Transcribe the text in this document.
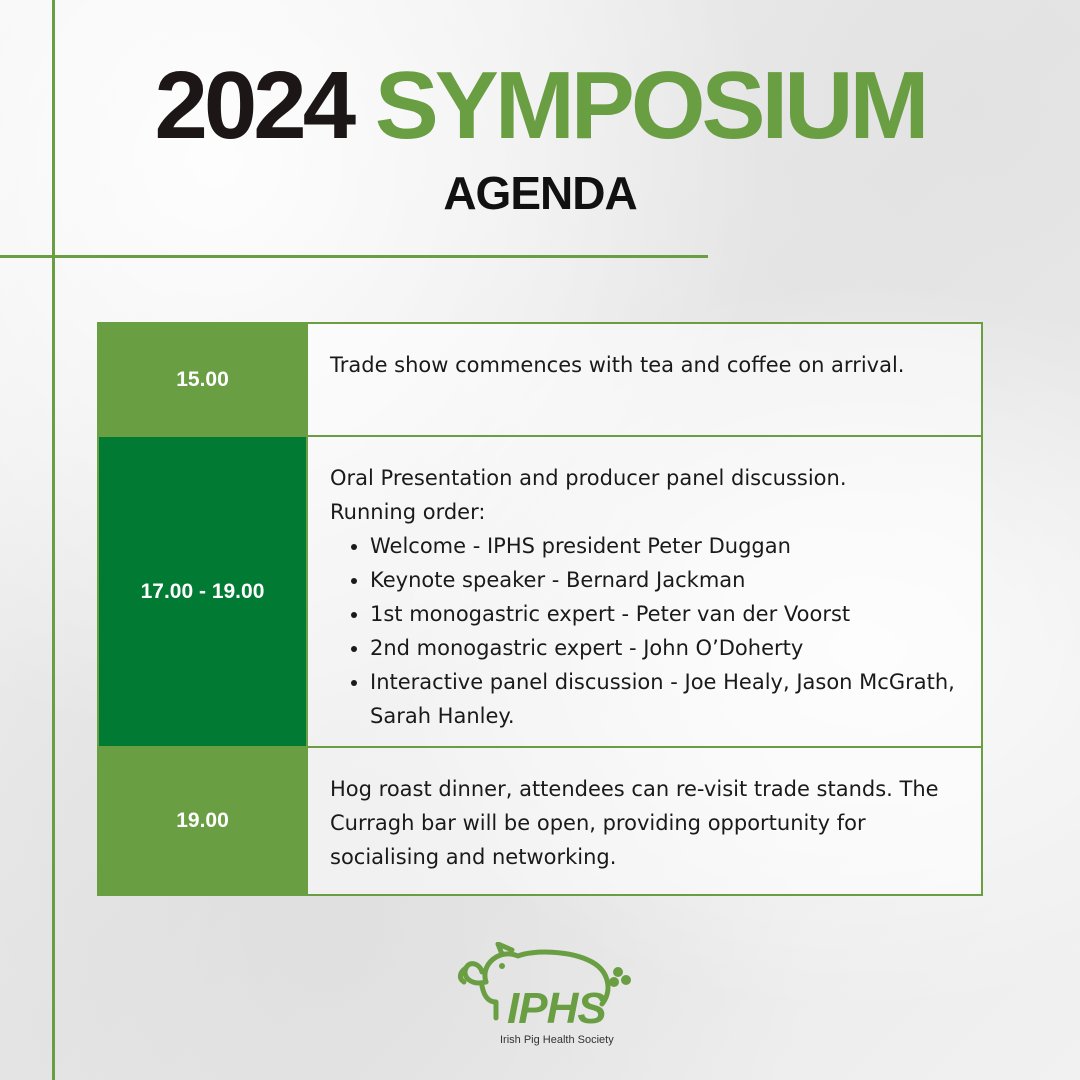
2024 SYMPOSIUM
AGENDA
15.00

Trade show commences with tea and coffee on arrival.

17.00 - 19.00

Oral Presentation and producer panel discussion.

Running order:

• Welcome - IPHS president Peter Duggan
• Keynote speaker - Bernard Jackman
• 1st monogastric expert - Peter van der Voorst
• 2nd monogastric expert - John O’Doherty
• Interactive panel discussion - Joe Healy, Jason McGrath, Sarah Hanley.
19.00

Hog roast dinner, attendees can re-visit trade stands. The Curragh bar will be open, providing opportunity for socialising and networking.

IPHS
Irish Pig Health Society
